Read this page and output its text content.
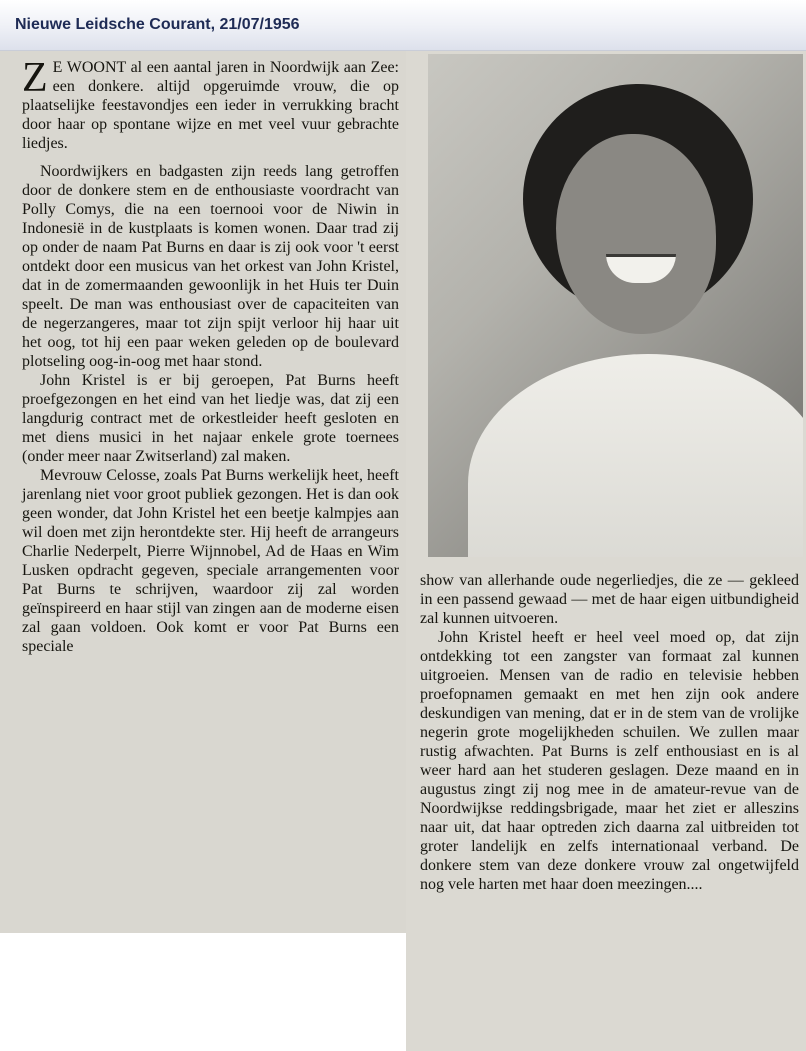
Nieuwe Leidsche Courant, 21/07/1956

Z E WOONT al een aantal jaren in Noordwijk aan Zee: een donkere. altijd opgeruimde vrouw, die op plaatselijke feestavondjes een ieder in verrukking bracht door haar op spontane wijze en met veel vuur gebrachte liedjes.

Noordwijkers en badgasten zijn reeds lang getroffen door de donkere stem en de enthousiaste voordracht van Polly Comys, die na een toernooi voor de Niwin in Indonesië in de kustplaats is komen wonen. Daar trad zij op onder de naam Pat Burns en daar is zij ook voor 't eerst ontdekt door een musicus van het orkest van John Kristel, dat in de zomermaanden gewoonlijk in het Huis ter Duin speelt. De man was enthousiast over de capaciteiten van de negerzangeres, maar tot zijn spijt verloor hij haar uit het oog, tot hij een paar weken geleden op de boulevard plotseling oog-in-oog met haar stond.

John Kristel is er bij geroepen, Pat Burns heeft proefgezongen en het eind van het liedje was, dat zij een langdurig contract met de orkestleider heeft gesloten en met diens musici in het najaar enkele grote toernees (onder meer naar Zwitserland) zal maken.

Mevrouw Celosse, zoals Pat Burns werkelijk heet, heeft jarenlang niet voor groot publiek gezongen. Het is dan ook geen wonder, dat John Kristel het een beetje kalmpjes aan wil doen met zijn herontdekte ster. Hij heeft de arrangeurs Charlie Nederpelt, Pierre Wijnnobel, Ad de Haas en Wim Lusken opdracht gegeven, speciale arrangementen voor Pat Burns te schrijven, waardoor zij zal worden geïnspireerd en haar stijl van zingen aan de moderne eisen zal gaan voldoen. Ook komt er voor Pat Burns een speciale

show van allerhande oude negerliedjes, die ze — gekleed in een passend gewaad — met de haar eigen uitbundigheid zal kunnen uitvoeren.

John Kristel heeft er heel veel moed op, dat zijn ontdekking tot een zangster van formaat zal kunnen uitgroeien. Mensen van de radio en televisie hebben proefopnamen gemaakt en met hen zijn ook andere deskundigen van mening, dat er in de stem van de vrolijke negerin grote mogelijkheden schuilen. We zullen maar rustig afwachten. Pat Burns is zelf enthousiast en is al weer hard aan het studeren geslagen. Deze maand en in augustus zingt zij nog mee in de amateur-revue van de Noordwijkse reddingsbrigade, maar het ziet er alleszins naar uit, dat haar optreden zich daarna zal uitbreiden tot groter landelijk en zelfs internationaal verband. De donkere stem van deze donkere vrouw zal ongetwijfeld nog vele harten met haar doen meezingen....
